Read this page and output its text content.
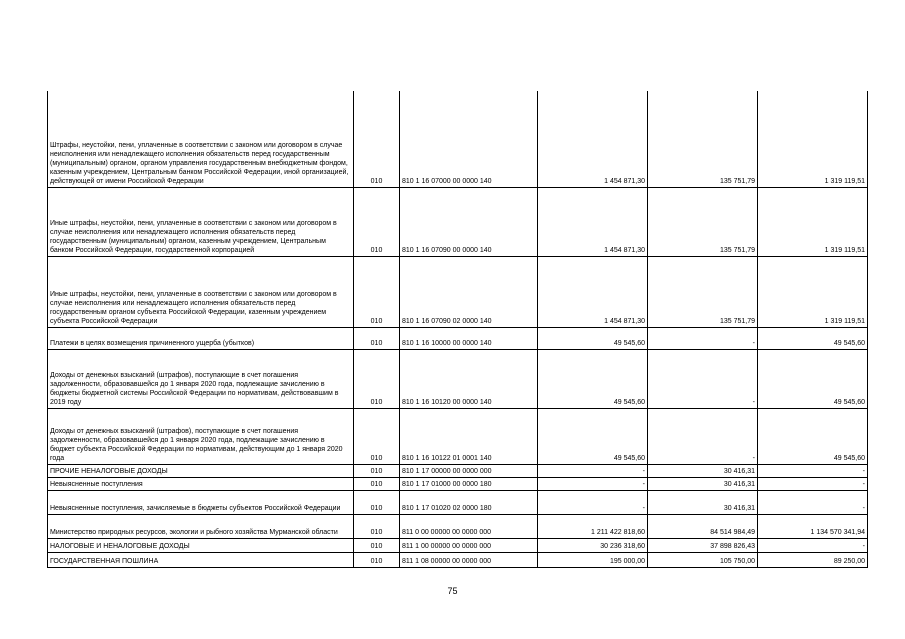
Штрафы, неустойки, пени, уплаченные в соответствии с законом или договором в случае неисполнения или ненадлежащего исполнения обязательств перед государственным (муниципальным) органом, органом управления государственным внебюджетным фондом, казенным учреждением, Центральным банком Российской Федерации, иной организацией, действующей от имени Российской Федерации	010	810 1 16 07000 00 0000 140	1 454 871,30	135 751,79	1 319 119,51
Иные штрафы, неустойки, пени, уплаченные в соответствии с законом или договором в случае неисполнения или ненадлежащего исполнения обязательств перед государственным (муниципальным) органом, казенным учреждением, Центральным банком Российской Федерации, государственной корпорацией	010	810 1 16 07090 00 0000 140	1 454 871,30	135 751,79	1 319 119,51
Иные штрафы, неустойки, пени, уплаченные в соответствии с законом или договором в случае неисполнения или ненадлежащего исполнения обязательств перед государственным органом субъекта Российской Федерации, казенным учреждением субъекта Российской Федерации	010	810 1 16 07090 02 0000 140	1 454 871,30	135 751,79	1 319 119,51
Платежи в целях возмещения причиненного ущерба (убытков)	010	810 1 16 10000 00 0000 140	49 545,60	-	49 545,60
Доходы от денежных взысканий (штрафов), поступающие в счет погашения задолженности, образовавшейся до 1 января 2020 года, подлежащие зачислению в бюджеты бюджетной системы Российской Федерации по нормативам, действовавшим в 2019 году	010	810 1 16 10120 00 0000 140	49 545,60	-	49 545,60
Доходы от денежных взысканий (штрафов), поступающие в счет погашения задолженности, образовавшейся до 1 января 2020 года, подлежащие зачислению в бюджет субъекта Российской Федерации по нормативам, действующим до 1 января 2020 года	010	810 1 16 10122 01 0001 140	49 545,60	-	49 545,60
ПРОЧИЕ НЕНАЛОГОВЫЕ ДОХОДЫ	010	810 1 17 00000 00 0000 000	-	30 416,31	-
Невыясненные поступления	010	810 1 17 01000 00 0000 180	-	30 416,31	-
Невыясненные поступления, зачисляемые в бюджеты субъектов Российской Федерации	010	810 1 17 01020 02 0000 180	-	30 416,31	-
Министерство природных ресурсов, экологии и рыбного хозяйства Мурманской области	010	811 0 00 00000 00 0000 000	1 211 422 818,60	84 514 984,49	1 134 570 341,94
НАЛОГОВЫЕ И НЕНАЛОГОВЫЕ ДОХОДЫ	010	811 1 00 00000 00 0000 000	30 236 318,60	37 898 826,43	-
ГОСУДАРСТВЕННАЯ ПОШЛИНА	010	811 1 08 00000 00 0000 000	195 000,00	105 750,00	89 250,00
75
